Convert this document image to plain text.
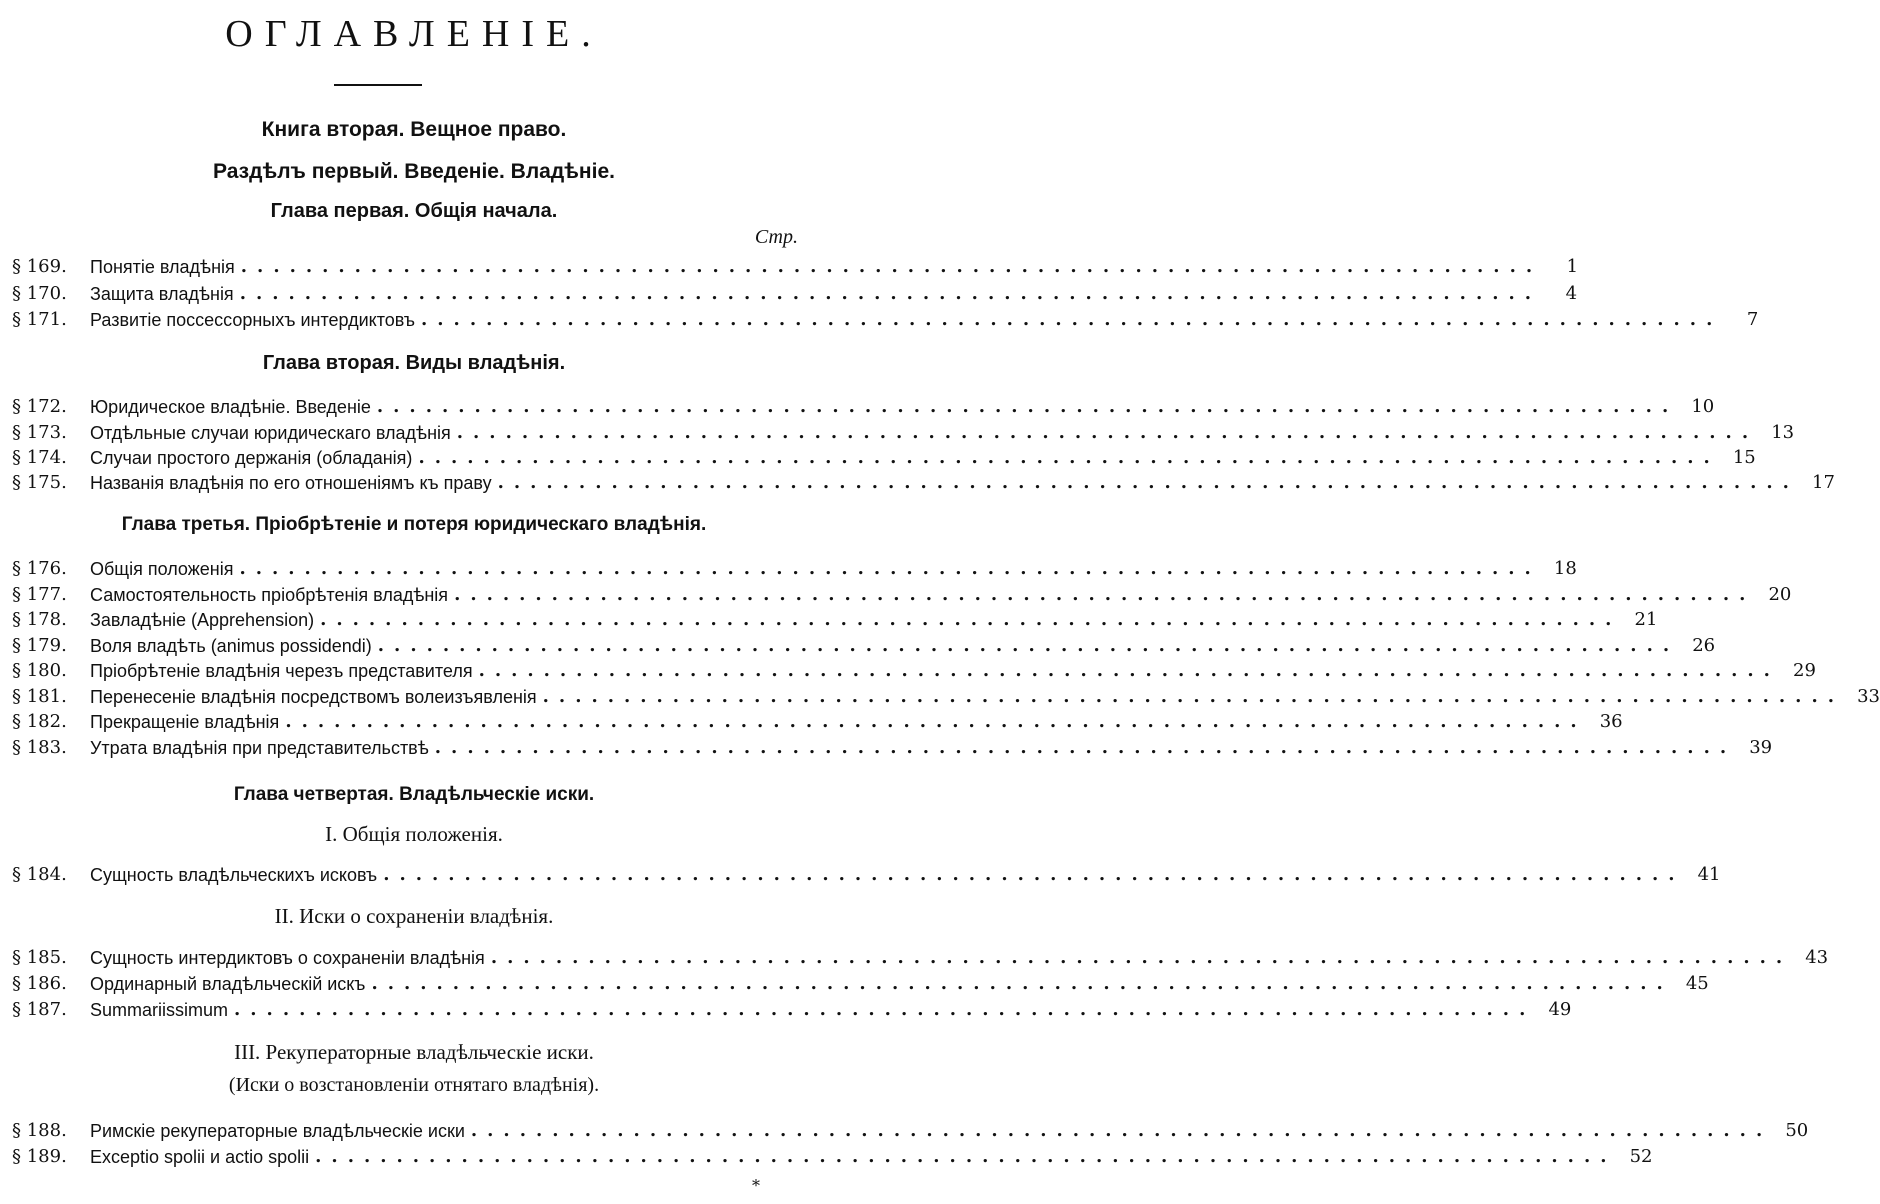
ОГЛАВЛЕНІЕ.
Книга вторая. Вещное право.
Раздѣлъ первый. Введеніе. Владѣніе.
Глава первая. Общія начала.
Стр.
§ 169.	Понятіе владѣнія ................................................................................	1
§ 170.	Защита владѣнія ................................................................................	4
§ 171.	Развитіе поссессорныхъ интердиктовъ ................................................................................	7
Глава вторая. Виды владѣнія.
§ 172.	Юридическое владѣніе. Введеніе ................................................................................ 10
§ 173.	Отдѣльные случаи юридическаго владѣнія ................................................................................ 13
§ 174.	Случаи простого держанія (обладанія) ................................................................................ 15
§ 175.	Названія владѣнія по его отношеніямъ къ праву ................................................................................ 17
Глава третья. Пріобрѣтеніе и потеря юридическаго владѣнія.
§ 176.	Общія положенія ................................................................................ 18
§ 177.	Самостоятельность пріобрѣтенія владѣнія ................................................................................ 20
§ 178.	Завладѣніе (Apprehension) ................................................................................ 21
§ 179.	Воля владѣть (animus possidendi) ................................................................................ 26
§ 180.	Пріобрѣтеніе владѣнія черезъ представителя ................................................................................ 29
§ 181.	Перенесеніе владѣнія посредствомъ волеизъявленія ................................................................................ 33
§ 182.	Прекращеніе владѣнія ................................................................................ 36
§ 183.	Утрата владѣнія при представительствѣ ................................................................................ 39
Глава четвертая. Владѣльческіе иски.
I. Общія положенія.
§ 184.	Сущность владѣльческихъ исковъ ................................................................................ 41
II. Иски о сохраненіи владѣнія.
§ 185.	Сущность интердиктовъ о сохраненіи владѣнія ................................................................................ 43
§ 186.	Ординарный владѣльческій искъ ................................................................................ 45
§ 187.	Summariissimum ................................................................................ 49
III. Рекуператорные владѣльческіе иски.
(Иски о возстановленіи отнятаго владѣнія).
§ 188.	Римскіе рекуператорные владѣльческіе иски ................................................................................ 50
§ 189.	Exceptio spolii и actio spolii ................................................................................ 52
*
